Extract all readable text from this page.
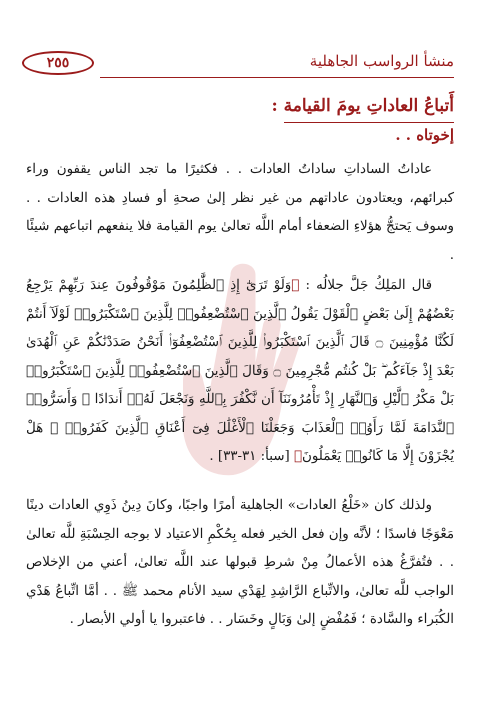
٢٥٥	منشأ الرواسب الجاهلية
أَتباعُ العاداتِ يومَ القيامة :
إخوتاه . .

عاداتُ الساداتِ ساداتُ العادات . . فكثيرًا ما تجد الناس يقفون وراء كبرائهم، ويعتادون عاداتهم من غير نظر إلىٰ صحةِ أو فسادِ هذه العادات . . وسوف يَحتجُّ هؤلاءِ الضعفاء أمام اللَّه تعالىٰ يوم القيامة فلا ينفعهم اتباعهم شيئًا .

قال المَلِكُ جَلَّ جلالُه : ﴿وَلَوْ تَرَىٰٓ إِذِ ٱلظَّٰلِمُونَ مَوْقُوفُونَ عِندَ رَبِّهِمْ يَرْجِعُ بَعْضُهُمْ إِلَىٰ بَعْضٍ ٱلْقَوْلَ يَقُولُ ٱلَّذِينَ ٱسْتُضْعِفُوا۟ لِلَّذِينَ ٱسْتَكْبَرُوا۟ لَوْلَآ أَنتُمْ لَكُنَّا مُؤْمِنِينَ ۝ قَالَ ٱلَّذِينَ ٱسْتَكْبَرُوا۟ لِلَّذِينَ ٱسْتُضْعِفُوٓا۟ أَنَحْنُ صَدَدْنَٰكُمْ عَنِ ٱلْهُدَىٰ بَعْدَ إِذْ جَآءَكُم ۖ بَلْ كُنتُم مُّجْرِمِينَ ۝ وَقَالَ ٱلَّذِينَ ٱسْتُضْعِفُوا۟ لِلَّذِينَ ٱسْتَكْبَرُوا۟ بَلْ مَكْرُ ٱلَّيْلِ وَٱلنَّهَارِ إِذْ تَأْمُرُونَنَآ أَن نَّكْفُرَ بِٱللَّهِ وَنَجْعَلَ لَهُۥٓ أَندَادًا ۚ وَأَسَرُّوا۟ ٱلنَّدَامَةَ لَمَّا رَأَوُا۟ ٱلْعَذَابَ وَجَعَلْنَا ٱلْأَغْلَٰلَ فِىٓ أَعْنَاقِ ٱلَّذِينَ كَفَرُوا۟ ۚ هَلْ يُجْزَوْنَ إِلَّا مَا كَانُوا۟ يَعْمَلُونَ﴾ [سبأ: ٣١-٣٣] .

ولذلك كان «خَلْعُ العادات» الجاهلية أمرًا واجبًا، وكانَ دِينُ ذَوِي العادات دينًا مَعْوَجًا فاسدًا ؛ لأنَّه وإن فعل الخير فعله بِحُكْمِ الاعتياد لا بوجه الحِسْبَةِ للَّه تعالىٰ . . فتُفرَّغُ هذه الأعمالُ مِنْ شرطِ قبولها عند اللَّه تعالىٰ، أعني من الإخلاص الواجب للَّه تعالىٰ، والاتِّباع الرَّاشِدِ لِهَدْي سيد الأنام محمد ﷺ . . أمَّا اتِّباعُ هَدْي الكُبَراء والسَّادة ؛ فَمُفْضٍ إلىٰ وَبَالٍ وخَسَار . . فاعتبروا يا أولي الأبصار .
